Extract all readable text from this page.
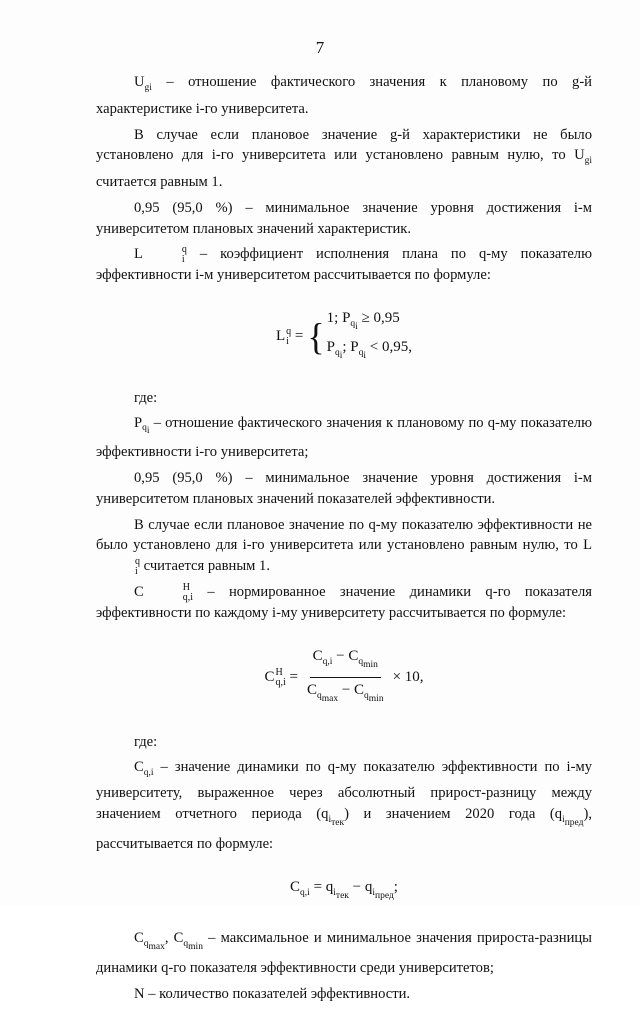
7

$U_{gi}$ – отношение фактического значения к плановому по g-й характеристике i-го университета.

В случае если плановое значение g-й характеристики не было установлено для i-го университета или установлено равным нулю, то $U_{gi}$ считается равным 1.

0,95 (95,0 %) – минимальное значение уровня достижения i-м университетом плановых значений характеристик.

L	q
i – коэффициент исполнения плана по q-му показателю эффективности i-м университетом рассчитывается по формуле:

L q
i = { 1; $P_{q_i} \ge 0,95$
$P_{q_i}$; $P_{q_i} < 0,95$,

где:

$P_{q_i}$ – отношение фактического значения к плановому по q-му показателю эффективности i-го университета;

0,95 (95,0 %) – минимальное значение уровня достижения i-м университетом плановых значений показателей эффективности.

В случае если плановое значение по q-му показателю эффективности не было установлено для i-го университета или установлено равным нулю, то L
q
i считается равным 1.

C	H
q,i – нормированное значение динамики q-го показателя эффективности по каждому i-му университету рассчитывается по формуле:

C H
$q,i = \frac{C_{q,i} - C_{q_{min}}}{C_{q_{max}} - C_{q_{min}}} \times 10$,

где:

$C_{q,i}$ – значение динамики по q-му показателю эффективности по i-му университету, выраженное через абсолютный прирост-разницу между значением отчетного периода $(q_{i_{тек}})$ и значением 2020 года $(q_{i_{пред}})$, рассчитывается по формуле:

$C_{q,i} = q_{i_{тек}} - q_{i_{пред}}$;

$C_{q_{max}}$, $C_{q_{min}}$ – максимальное и минимальное значения прироста-разницы динамики q-го показателя эффективности среди университетов;

N – количество показателей эффективности.
